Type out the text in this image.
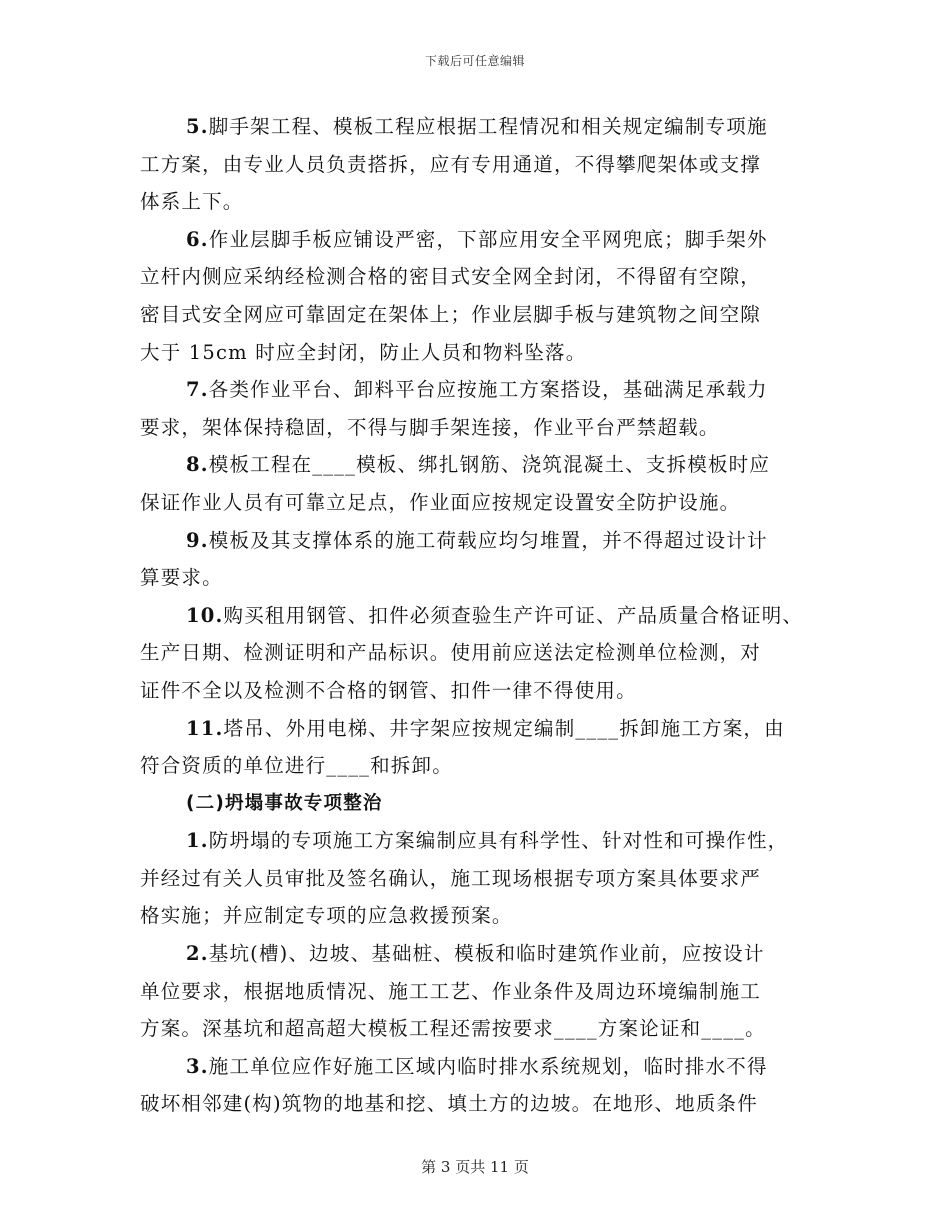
下载后可任意编辑
5.脚手架工程、模板工程应根据工程情况和相关规定编制专项施
工方案，由专业人员负责搭拆，应有专用通道，不得攀爬架体或支撑
体系上下。
6.作业层脚手板应铺设严密，下部应用安全平网兜底；脚手架外
立杆内侧应采纳经检测合格的密目式安全网全封闭，不得留有空隙，
密目式安全网应可靠固定在架体上；作业层脚手板与建筑物之间空隙
大于 15cm 时应全封闭，防止人员和物料坠落。
7.各类作业平台、卸料平台应按施工方案搭设，基础满足承载力
要求，架体保持稳固，不得与脚手架连接，作业平台严禁超载。
8.模板工程在____模板、绑扎钢筋、浇筑混凝土、支拆模板时应
保证作业人员有可靠立足点，作业面应按规定设置安全防护设施。
9.模板及其支撑体系的施工荷载应均匀堆置，并不得超过设计计
算要求。
10.购买租用钢管、扣件必须查验生产许可证、产品质量合格证明、
生产日期、检测证明和产品标识。使用前应送法定检测单位检测，对
证件不全以及检测不合格的钢管、扣件一律不得使用。
11.塔吊、外用电梯、井字架应按规定编制____拆卸施工方案，由
符合资质的单位进行____和拆卸。
(二)坍塌事故专项整治
1.防坍塌的专项施工方案编制应具有科学性、针对性和可操作性，
并经过有关人员审批及签名确认，施工现场根据专项方案具体要求严
格实施；并应制定专项的应急救援预案。
2.基坑(槽)、边坡、基础桩、模板和临时建筑作业前，应按设计
单位要求，根据地质情况、施工工艺、作业条件及周边环境编制施工
方案。深基坑和超高超大模板工程还需按要求____方案论证和____。
3.施工单位应作好施工区域内临时排水系统规划，临时排水不得
破坏相邻建(构)筑物的地基和挖、填土方的边坡。在地形、地质条件
第 3 页共 11 页
